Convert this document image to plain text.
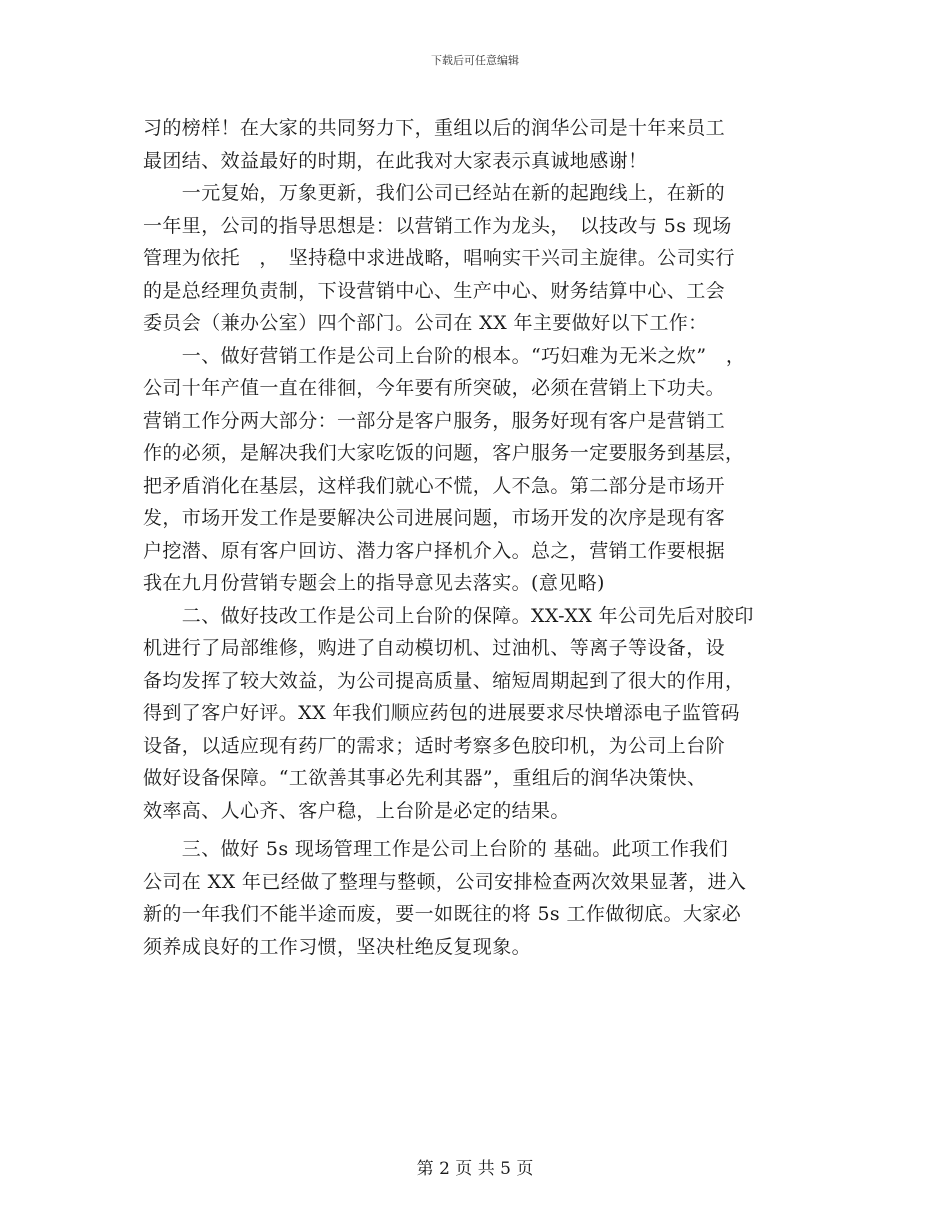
下载后可任意编辑
习的榜样！在大家的共同努力下，重组以后的润华公司是十年来员工
最团结、效益最好的时期，在此我对大家表示真诚地感谢！
　　一元复始，万象更新，我们公司已经站在新的起跑线上，在新的
一年里，公司的指导思想是：以营销工作为龙头，　以技改与 5s 现场
管理为依托　，　坚持稳中求进战略，唱响实干兴司主旋律。公司实行
的是总经理负责制，下设营销中心、生产中心、财务结算中心、工会
委员会（兼办公室）四个部门。公司在 XX 年主要做好以下工作：
　　一、做好营销工作是公司上台阶的根本。“巧妇难为无米之炊”　，
公司十年产值一直在徘徊，今年要有所突破，必须在营销上下功夫。
营销工作分两大部分：一部分是客户服务，服务好现有客户是营销工
作的必须，是解决我们大家吃饭的问题，客户服务一定要服务到基层，
把矛盾消化在基层，这样我们就心不慌，人不急。第二部分是市场开
发，市场开发工作是要解决公司进展问题，市场开发的次序是现有客
户挖潜、原有客户回访、潜力客户择机介入。总之，营销工作要根据
我在九月份营销专题会上的指导意见去落实。(意见略)
　　二、做好技改工作是公司上台阶的保障。XX-XX 年公司先后对胶印
机进行了局部维修，购进了自动模切机、过油机、等离子等设备，设
备均发挥了较大效益，为公司提高质量、缩短周期起到了很大的作用，
得到了客户好评。XX 年我们顺应药包的进展要求尽快增添电子监管码
设备，以适应现有药厂的需求；适时考察多色胶印机，为公司上台阶
做好设备保障。“工欲善其事必先利其器”，重组后的润华决策快、
效率高、人心齐、客户稳，上台阶是必定的结果。
　　三、做好 5s 现场管理工作是公司上台阶的 基础。此项工作我们
公司在 XX 年已经做了整理与整顿，公司安排检查两次效果显著，进入
新的一年我们不能半途而废，要一如既往的将 5s 工作做彻底。大家必
须养成良好的工作习惯，坚决杜绝反复现象。
第 2 页 共 5 页
